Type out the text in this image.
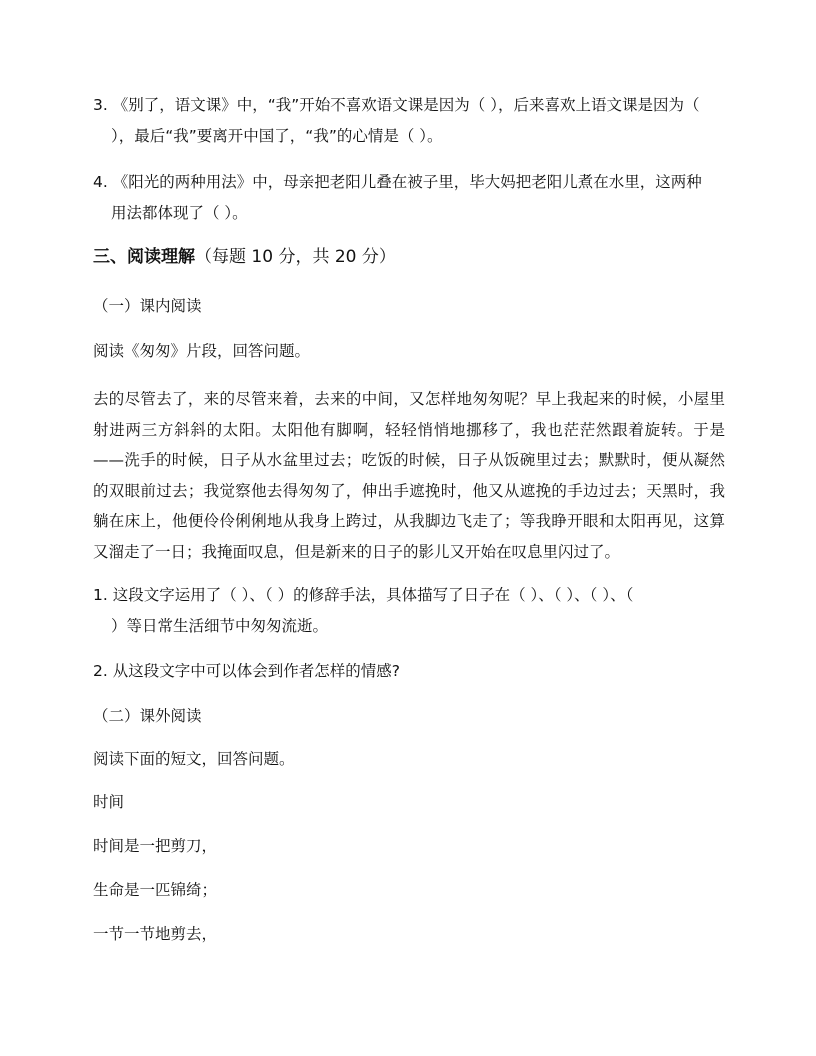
3. 《别了，语文课》中，“我”开始不喜欢语文课是因为（ ），后来喜欢上语文课是因为（
），最后“我”要离开中国了，“我”的心情是（ ）。
4. 《阳光的两种用法》中，母亲把老阳儿叠在被子里，毕大妈把老阳儿煮在水里，这两种
用法都体现了（ ）。
三、阅读理解（每题 10 分，共 20 分）
（一）课内阅读
阅读《匆匆》片段，回答问题。
去的尽管去了，来的尽管来着，去来的中间，又怎样地匆匆呢？早上我起来的时候，小屋里射进两三方斜斜的太阳。太阳他有脚啊，轻轻悄悄地挪移了，我也茫茫然跟着旋转。于是——洗手的时候，日子从水盆里过去；吃饭的时候，日子从饭碗里过去；默默时，便从凝然的双眼前过去；我觉察他去得匆匆了，伸出手遮挽时，他又从遮挽的手边过去；天黑时，我躺在床上，他便伶伶俐俐地从我身上跨过，从我脚边飞走了；等我睁开眼和太阳再见，这算又溜走了一日；我掩面叹息，但是新来的日子的影儿又开始在叹息里闪过了。
1. 这段文字运用了（ ）、（ ）的修辞手法，具体描写了日子在（ ）、（ ）、（ ）、（
）等日常生活细节中匆匆流逝。
2. 从这段文字中可以体会到作者怎样的情感?
（二）课外阅读
阅读下面的短文，回答问题。
时间
时间是一把剪刀，
生命是一匹锦绮；
一节一节地剪去，
